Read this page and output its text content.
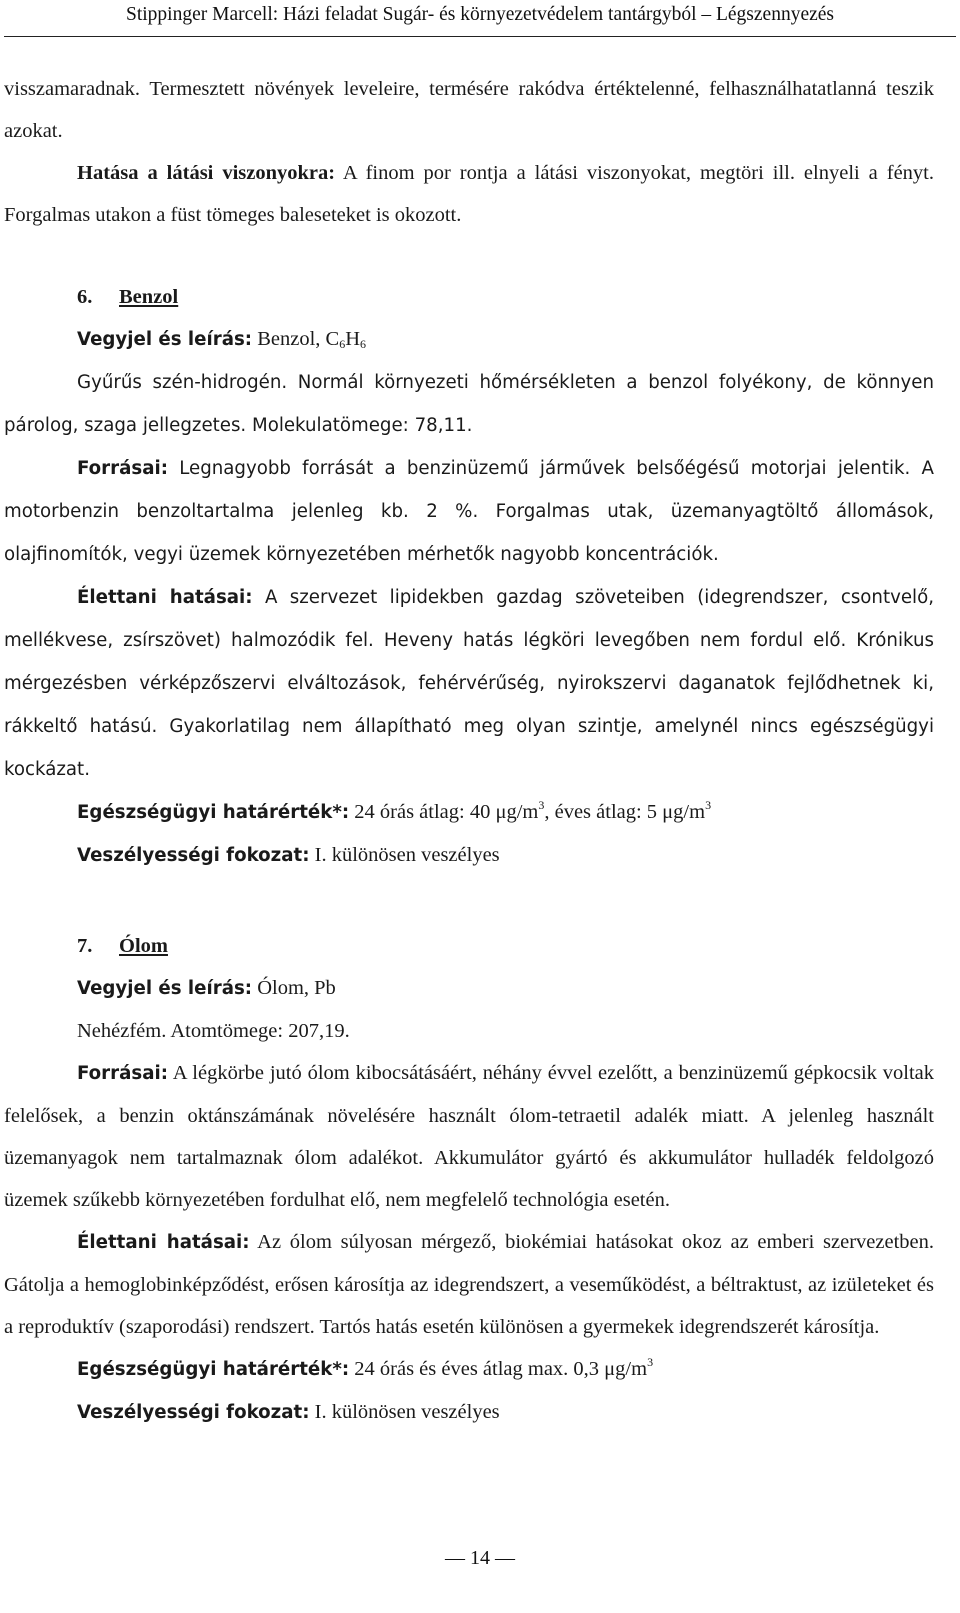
Stippinger Marcell: Házi feladat Sugár- és környezetvédelem tantárgyból – Légszennyezés

visszamaradnak. Termesztett növények leveleire, termésére rakódva értéktelenné, felhasználhatatlanná teszik azokat.

Hatása a látási viszonyokra: A finom por rontja a látási viszonyokat, megtöri ill. elnyeli a fényt. Forgalmas utakon a füst tömeges baleseteket is okozott.

6. Benzol

Vegyjel és leírás: Benzol, $C_6H_6$

Gyűrűs szén-hidrogén. Normál környezeti hőmérsékleten a benzol folyékony, de könnyen párolog, szaga jellegzetes. Molekulatömege: 78,11.

Forrásai: Legnagyobb forrását a benzinüzemű járművek belsőégésű motorjai jelentik. A motorbenzin benzoltartalma jelenleg kb. 2 %. Forgalmas utak, üzemanyagtöltő állomások, olajfinomítók, vegyi üzemek környezetében mérhetők nagyobb koncentrációk.

Élettani hatásai: A szervezet lipidekben gazdag szöveteiben (idegrendszer, csontvelő, mellékvese, zsírszövet) halmozódik fel. Heveny hatás légköri levegőben nem fordul elő. Krónikus mérgezésben vérképzőszervi elváltozások, fehérvérűség, nyirokszervi daganatok fejlődhetnek ki, rákkeltő hatású. Gyakorlatilag nem állapítható meg olyan szintje, amelynél nincs egészségügyi kockázat.

Egészségügyi határérték*: 24 órás átlag: 40 $\mu g/m^3$, éves átlag: 5 $\mu g/m^3$

Veszélyességi fokozat: I. különösen veszélyes

7. Ólom

Vegyjel és leírás: Ólom, Pb

Nehézfém. Atomtömege: 207,19.

Forrásai: A légkörbe jutó ólom kibocsátásáért, néhány évvel ezelőtt, a benzinüzemű gépkocsik voltak felelősek, a benzin oktánszámának növelésére használt ólom-tetraetil adalék miatt. A jelenleg használt üzemanyagok nem tartalmaznak ólom adalékot. Akkumulátor gyártó és akkumulátor hulladék feldolgozó üzemek szűkebb környezetében fordulhat elő, nem megfelelő technológia esetén.

Élettani hatásai: Az ólom súlyosan mérgező, biokémiai hatásokat okoz az emberi szervezetben. Gátolja a hemoglobinképződést, erősen károsítja az idegrendszert, a veseműködést, a béltraktust, az izületeket és a reproduktív (szaporodási) rendszert. Tartós hatás esetén különösen a gyermekek idegrendszerét károsítja.

Egészségügyi határérték*: 24 órás és éves átlag max. 0,3 $\mu g/m^3$

Veszélyességi fokozat: I. különösen veszélyes

— 14 —
